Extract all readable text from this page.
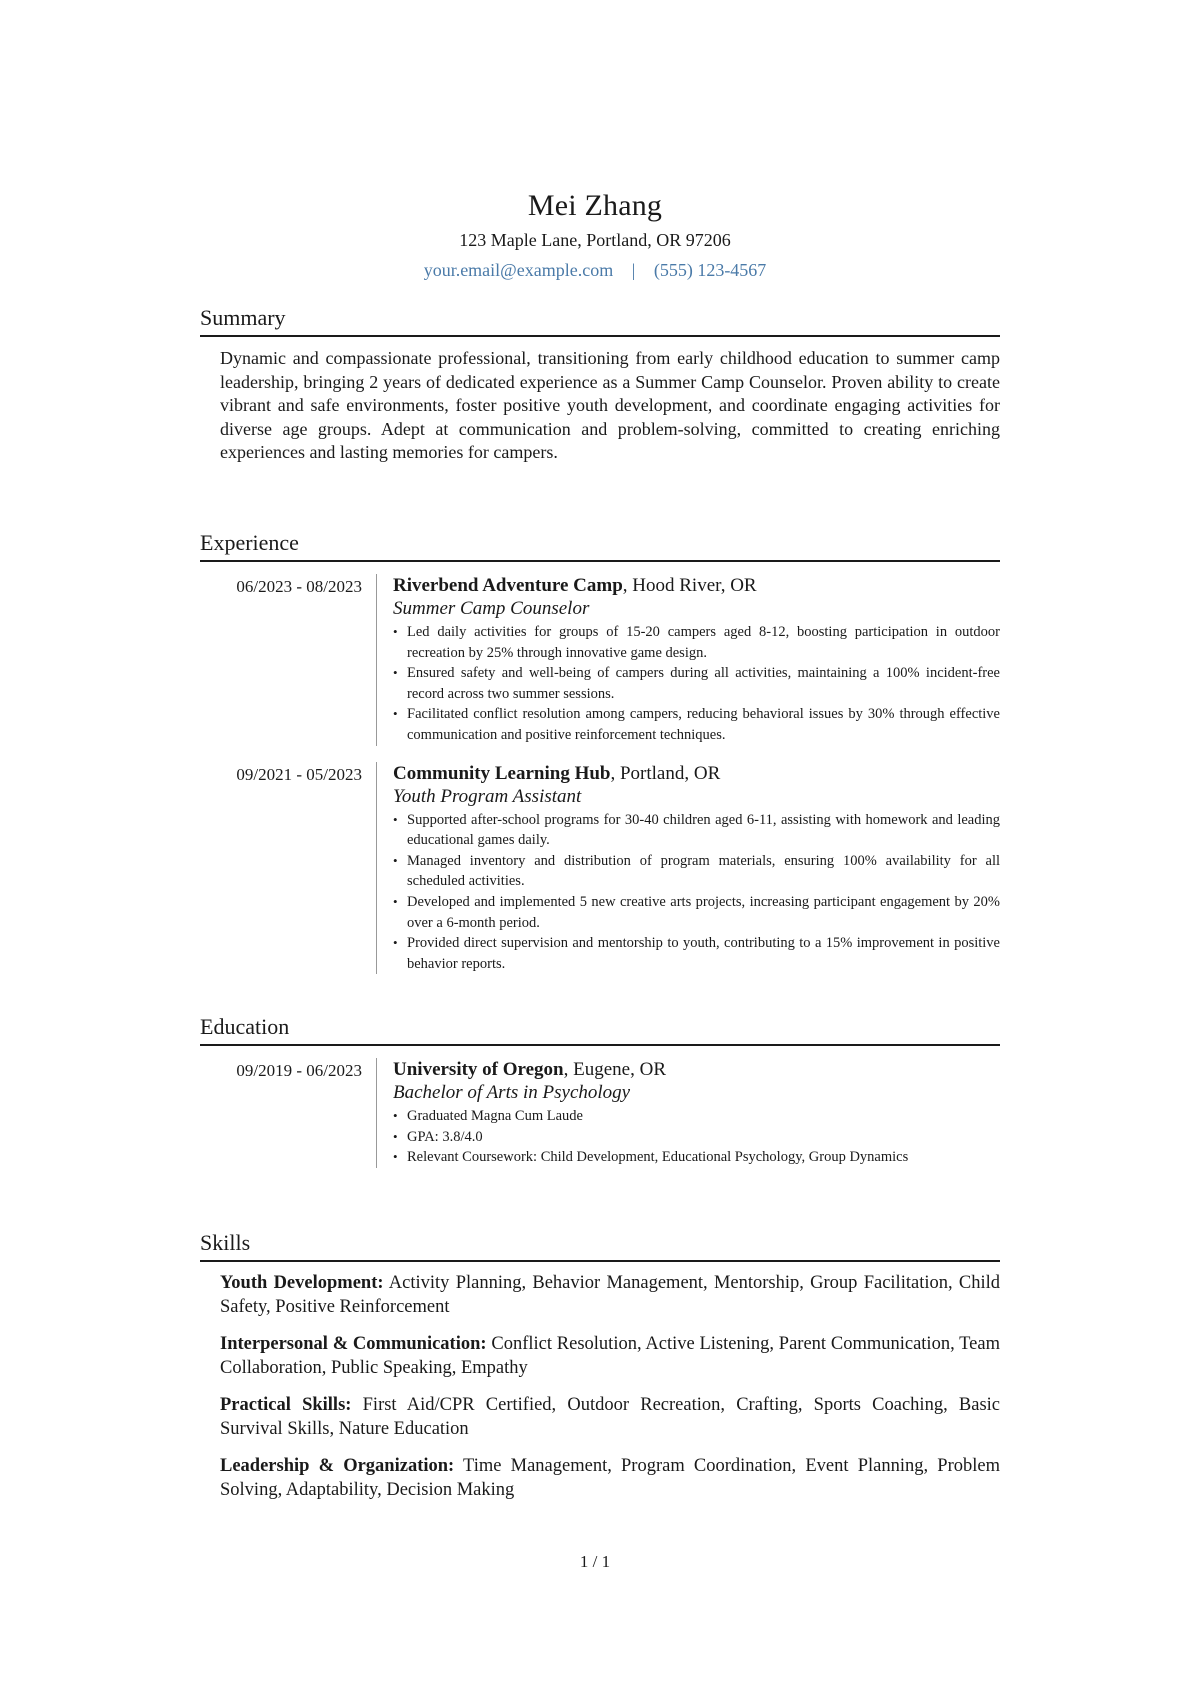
Mei Zhang
123 Maple Lane, Portland, OR 97206
your.email@example.com | (555) 123-4567
Summary
Dynamic and compassionate professional, transitioning from early childhood education to summer camp leadership, bringing 2 years of dedicated experience as a Summer Camp Counselor. Proven ability to create vibrant and safe environments, foster positive youth development, and coordinate engaging activities for diverse age groups. Adept at communication and problem-solving, committed to creating enriching experiences and lasting memories for campers.
Experience
06/2023 - 08/2023	Riverbend Adventure Camp, Hood River, OR
Summer Camp Counselor
• Led daily activities for groups of 15-20 campers aged 8-12, boosting participation in outdoor recreation by 25% through innovative game design.
• Ensured safety and well-being of campers during all activities, maintaining a 100% incident-free record across two summer sessions.
• Facilitated conflict resolution among campers, reducing behavioral issues by 30% through effective communication and positive reinforcement techniques.
09/2021 - 05/2023	Community Learning Hub, Portland, OR
Youth Program Assistant
• Supported after-school programs for 30-40 children aged 6-11, assisting with homework and leading educational games daily.
• Managed inventory and distribution of program materials, ensuring 100% availability for all scheduled activities.
• Developed and implemented 5 new creative arts projects, increasing participant engagement by 20% over a 6-month period.
• Provided direct supervision and mentorship to youth, contributing to a 15% improvement in positive behavior reports.
Education
09/2019 - 06/2023	University of Oregon, Eugene, OR
Bachelor of Arts in Psychology
• Graduated Magna Cum Laude
• GPA: 3.8/4.0
• Relevant Coursework: Child Development, Educational Psychology, Group Dynamics
Skills
Youth Development: Activity Planning, Behavior Management, Mentorship, Group Facilitation, Child Safety, Positive Reinforcement
Interpersonal & Communication: Conflict Resolution, Active Listening, Parent Communication, Team Collaboration, Public Speaking, Empathy
Practical Skills: First Aid/CPR Certified, Outdoor Recreation, Crafting, Sports Coaching, Basic Survival Skills, Nature Education
Leadership & Organization: Time Management, Program Coordination, Event Planning, Problem Solving, Adaptability, Decision Making
1 / 1
